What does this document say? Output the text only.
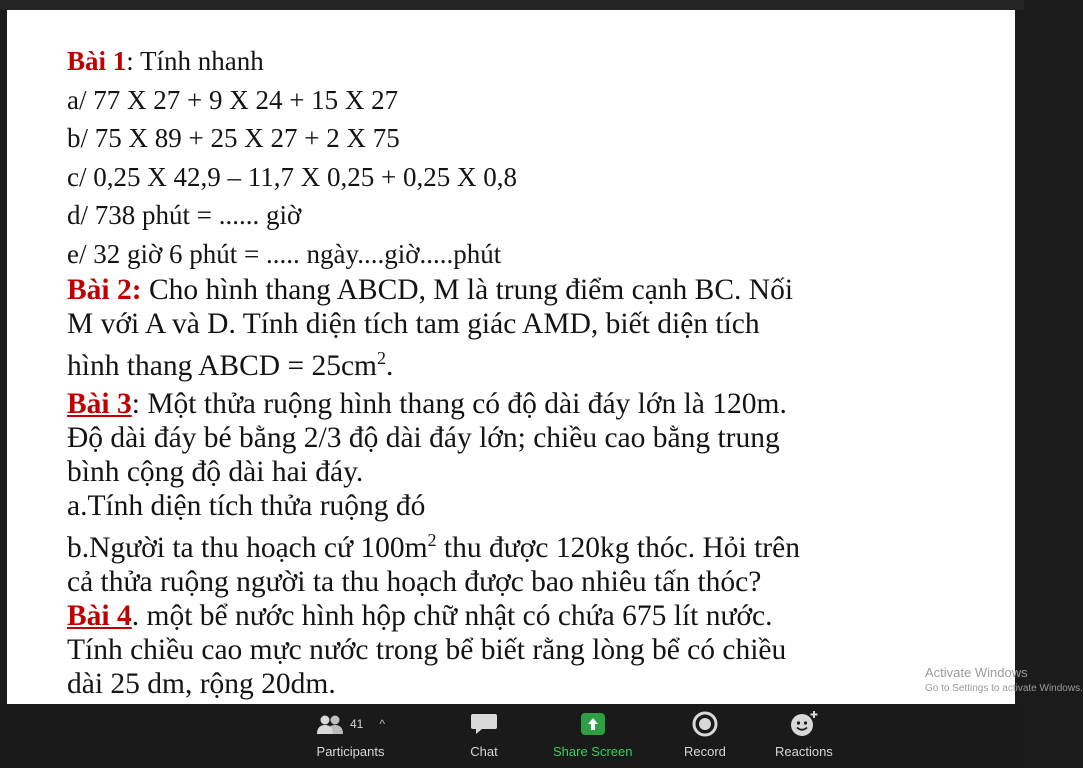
Bài 1: Tính nhanh
a/ 77 X 27 + 9 X 24 + 15 X 27
b/ 75 X 89 + 25 X 27 + 2 X 75
c/ 0,25 X 42,9 – 11,7 X 0,25 + 0,25 X 0,8
d/ 738 phút = ...... giờ
e/ 32 giờ 6 phút = ..... ngày....giờ.....phút
Bài 2: Cho hình thang ABCD, M là trung điểm cạnh BC. Nối
M với A và D. Tính diện tích tam giác AMD, biết diện tích
hình thang ABCD = $25cm^2$.
Bài 3: Một thửa ruộng hình thang có độ dài đáy lớn là 120m.
Độ dài đáy bé bằng 2/3 độ dài đáy lớn; chiều cao bằng trung
bình cộng độ dài hai đáy.
a.Tính diện tích thửa ruộng đó
b.Người ta thu hoạch cứ $100m^2$ thu được 120kg thóc. Hỏi trên
cả thửa ruộng người ta thu hoạch được bao nhiêu tấn thóc?
Bài 4. một bể nước hình hộp chữ nhật có chứa 675 lít nước.
Tính chiều cao mực nước trong bể biết rằng lòng bể có chiều
dài 25 dm, rộng 20dm.	Activate Windows
Go to Settings to activate Windows.
41 ^
Participants	Chat	Share Screen	Record	Reactions
